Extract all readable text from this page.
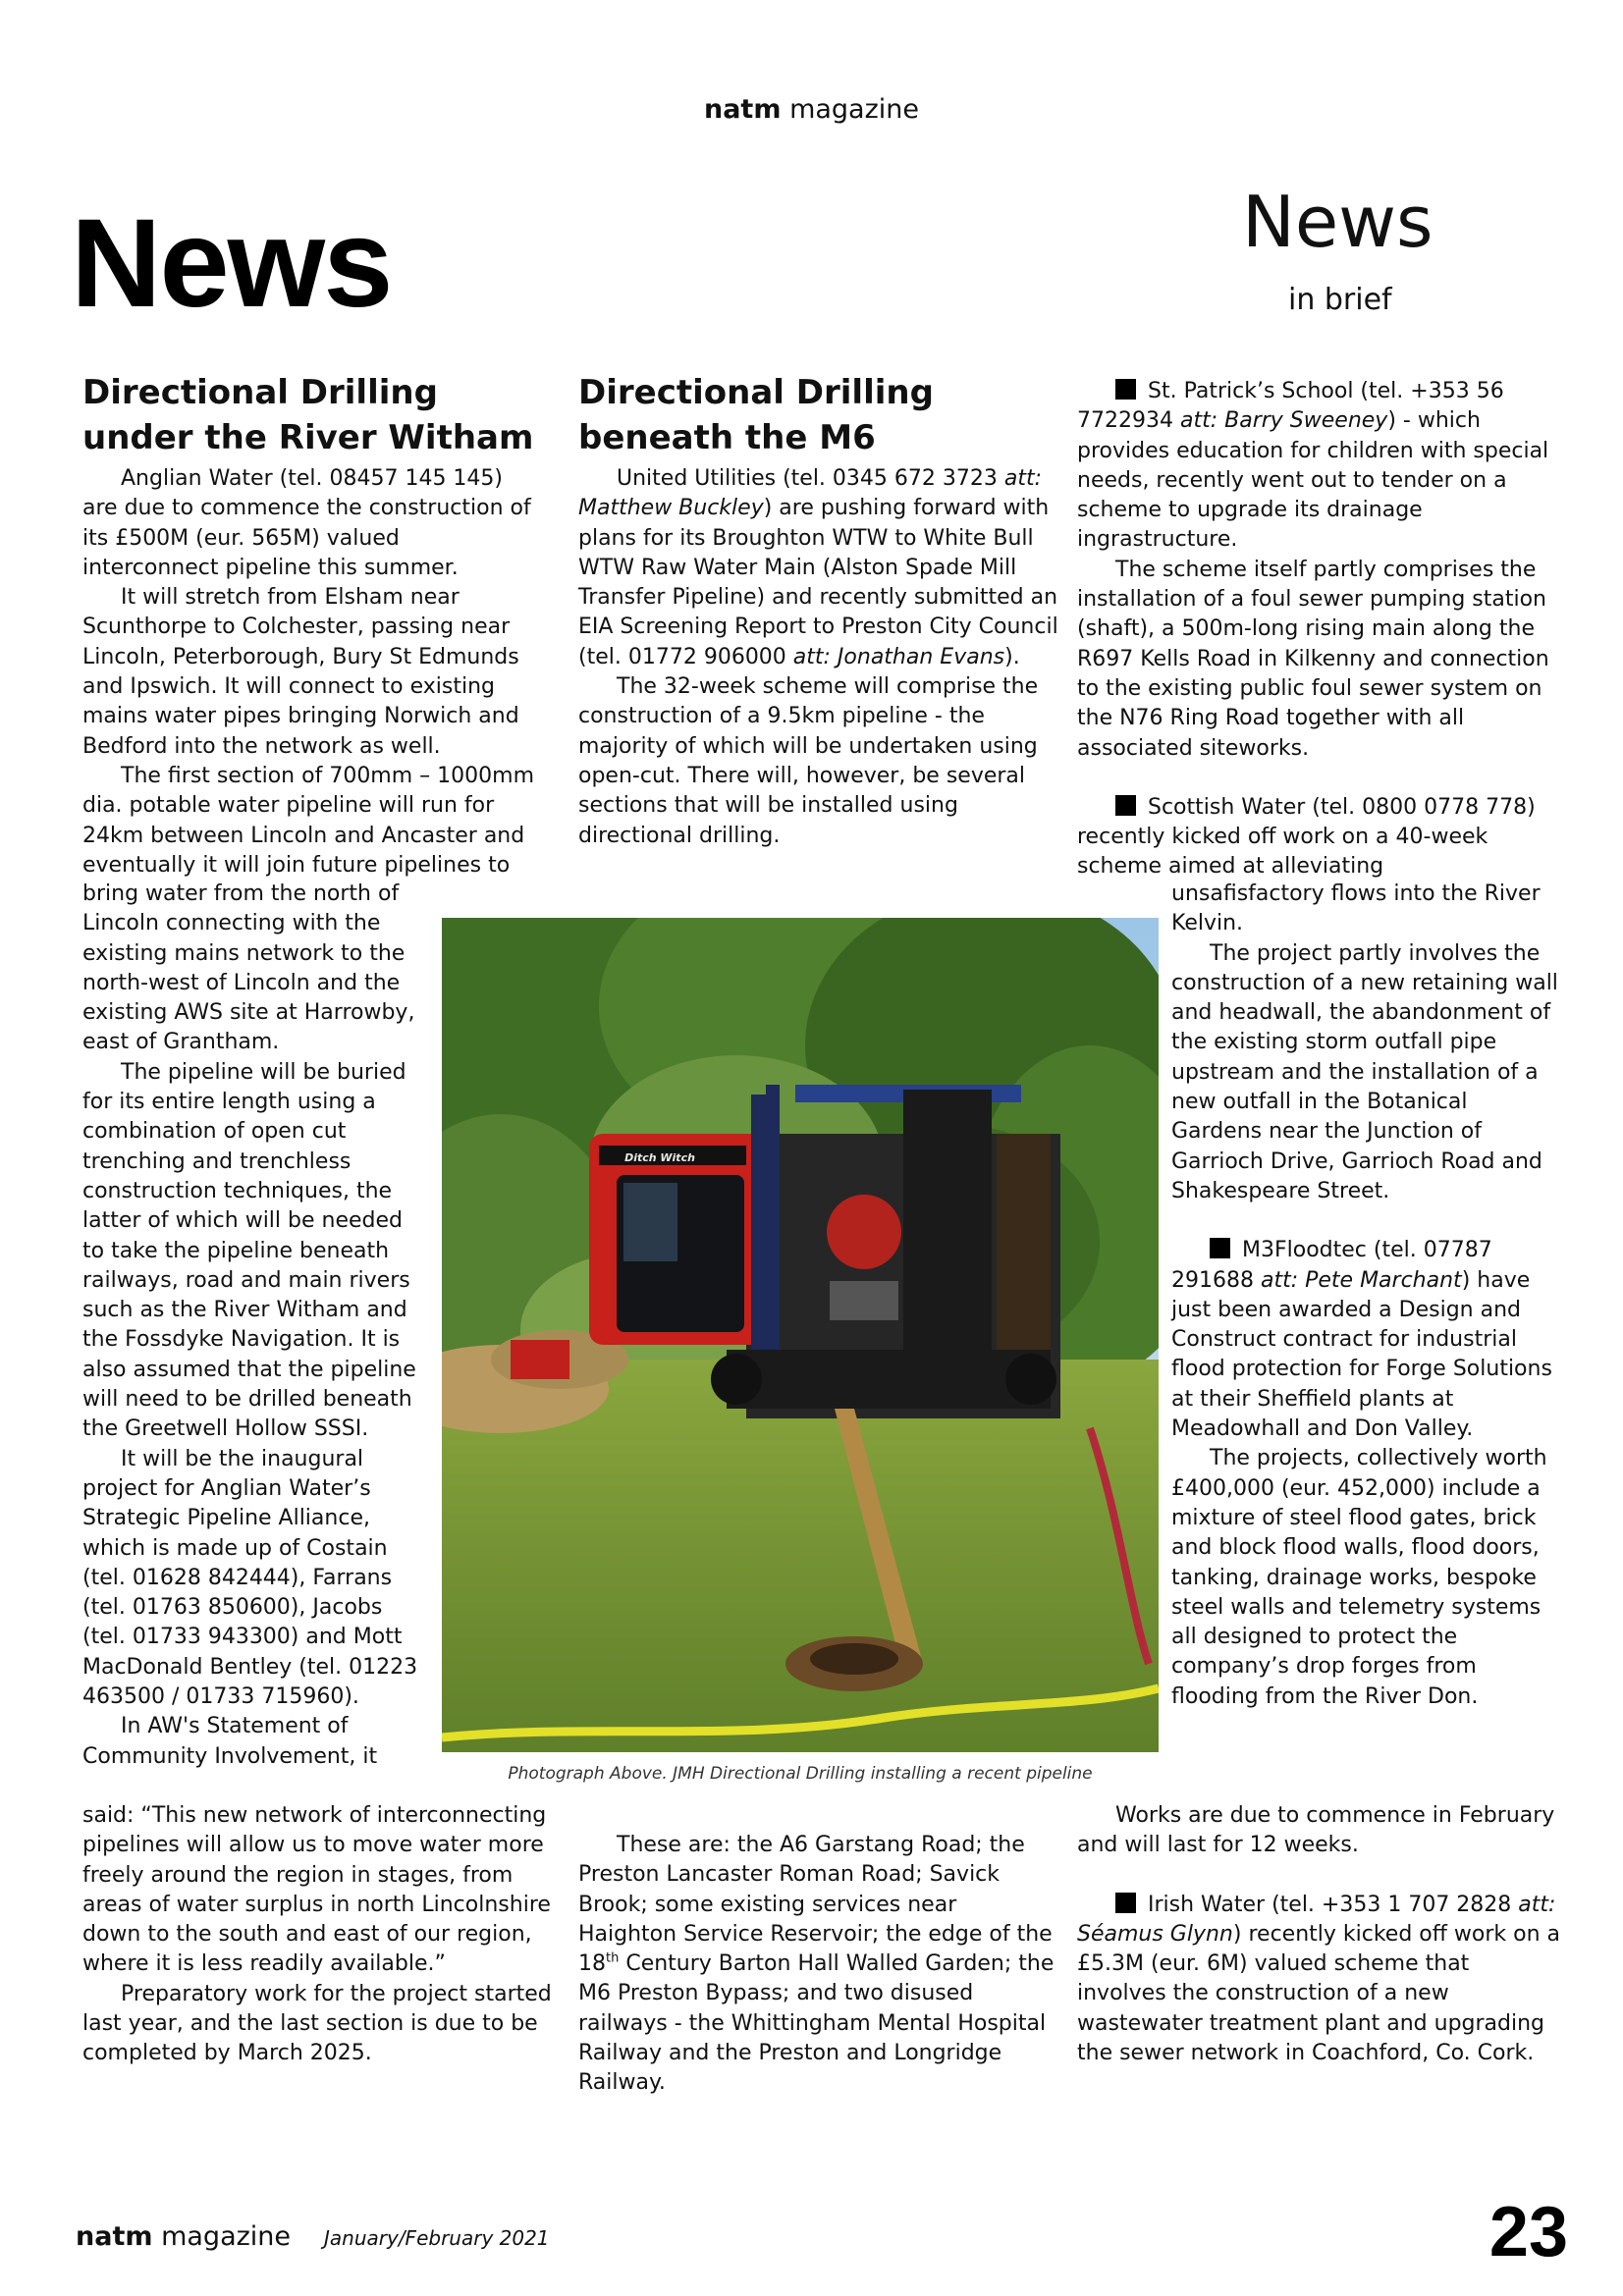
natm magazine
News	News
in brief
Directional Drilling
under the River Witham

Anglian Water (tel. 08457 145 145) are due to commence the construction of its £500M (eur. 565M) valued interconnect pipeline this summer.

It will stretch from Elsham near Scunthorpe to Colchester, passing near Lincoln, Peterborough, Bury St Edmunds and Ipswich. It will connect to existing mains water pipes bringing Norwich and Bedford into the network as well.

The first section of 700mm – 1000mm dia. potable water pipeline will run for 24km between Lincoln and Ancaster and eventually it will join future pipelines to

bring water from the north of Lincoln connecting with the existing mains network to the north-west of Lincoln and the existing AWS site at Harrowby, east of Grantham.

The pipeline will be buried for its entire length using a combination of open cut trenching and trenchless construction techniques, the latter of which will be needed to take the pipeline beneath railways, road and main rivers such as the River Witham and the Fossdyke Navigation. It is also assumed that the pipeline will need to be drilled beneath the Greetwell Hollow SSSI.

It will be the inaugural project for Anglian Water’s Strategic Pipeline Alliance, which is made up of Costain (tel. 01628 842444), Farrans (tel. 01763 850600), Jacobs (tel. 01733 943300) and Mott MacDonald Bentley (tel. 01223 463500 / 01733 715960).

In AW's Statement of Community Involvement, it

said: “This new network of interconnecting pipelines will allow us to move water more freely around the region in stages, from areas of water surplus in north Lincolnshire down to the south and east of our region, where it is less readily available.”

Preparatory work for the project started last year, and the last section is due to be completed by March 2025.

Directional Drilling
beneath the M6

United Utilities (tel. 0345 672 3723 att: Matthew Buckley) are pushing forward with plans for its Broughton WTW to White Bull WTW Raw Water Main (Alston Spade Mill Transfer Pipeline) and recently submitted an EIA Screening Report to Preston City Council (tel. 01772 906000 att: Jonathan Evans).

The 32-week scheme will comprise the construction of a 9.5km pipeline - the majority of which will be undertaken using open-cut. There will, however, be several sections that will be installed using directional drilling.

These are: the A6 Garstang Road; the Preston Lancaster Roman Road; Savick Brook; some existing services near Haighton Service Reservoir; the edge of the 18th Century Barton Hall Walled Garden; the M6 Preston Bypass; and two disused railways - the Whittingham Mental Hospital Railway and the Preston and Longridge Railway.

St. Patrick’s School (tel. +353 56 7722934 att: Barry Sweeney) - which provides education for children with special needs, recently went out to tender on a scheme to upgrade its drainage ingrastructure.

The scheme itself partly comprises the installation of a foul sewer pumping station (shaft), a 500m-long rising main along the R697 Kells Road in Kilkenny and connection to the existing public foul sewer system on the N76 Ring Road together with all associated siteworks.

Scottish Water (tel. 0800 0778 778) recently kicked off work on a 40-week scheme aimed at alleviating

unsafisfactory flows into the River Kelvin.

The project partly involves the construction of a new retaining wall and headwall, the abandonment of the existing storm outfall pipe upstream and the installation of a new outfall in the Botanical Gardens near the Junction of Garrioch Drive, Garrioch Road and Shakespeare Street.

M3Floodtec (tel. 07787 291688 att: Pete Marchant) have just been awarded a Design and Construct contract for industrial flood protection for Forge Solutions at their Sheffield plants at Meadowhall and Don Valley.

The projects, collectively worth £400,000 (eur. 452,000) include a mixture of steel flood gates, brick and block flood walls, flood doors, tanking, drainage works, bespoke steel walls and telemetry systems all designed to protect the company’s drop forges from flooding from the River Don.

Works are due to commence in February and will last for 12 weeks.

Irish Water (tel. +353 1 707 2828 att: Séamus Glynn) recently kicked off work on a £5.3M (eur. 6M) valued scheme that involves the construction of a new wastewater treatment plant and upgrading the sewer network in Coachford, Co. Cork.

Ditch Witch
Photograph Above. JMH Directional Drilling installing a recent pipeline
natm magazine January/February 2021	23
